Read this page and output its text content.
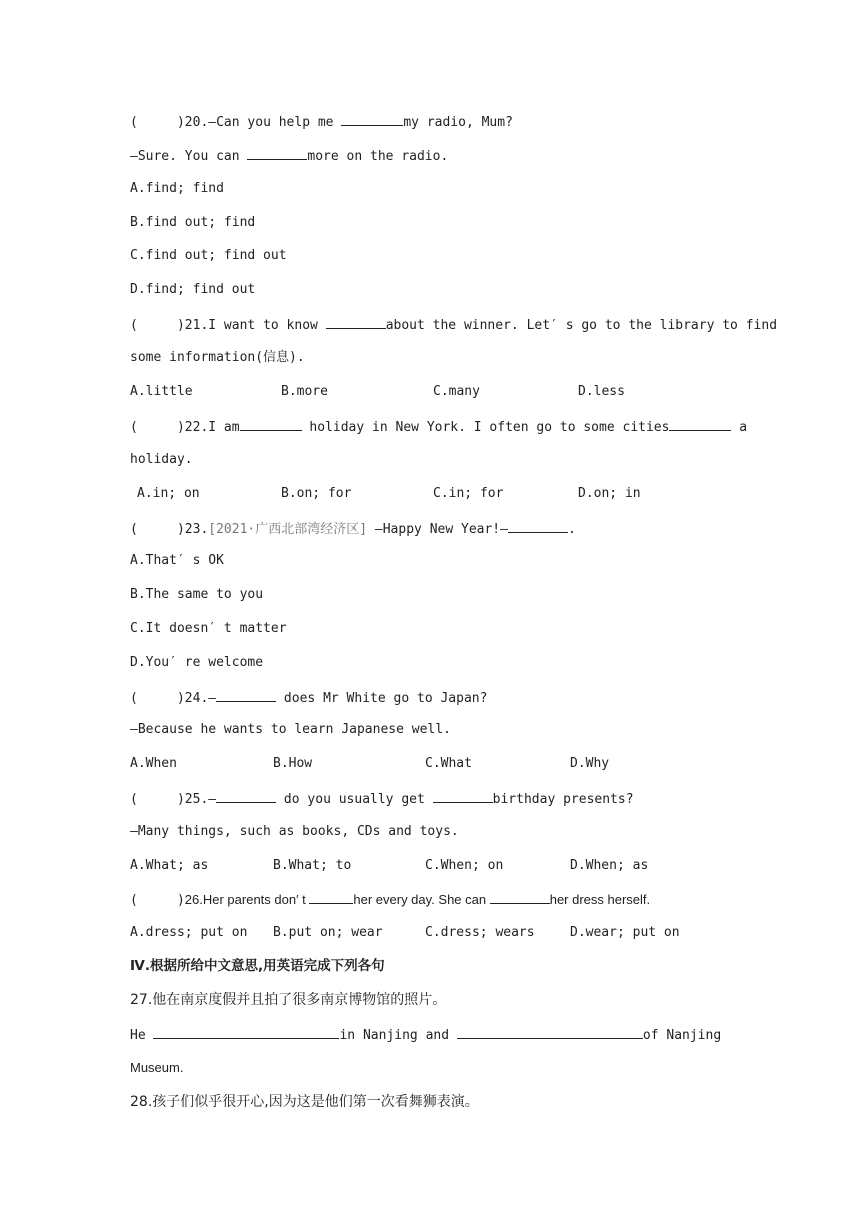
(     )20.—Can you help me	my radio, Mum?
—Sure. You can	more on the radio.
A.find; find
B.find out; find
C.find out; find out
D.find; find out
(     )21.I want to know	about the winner. Let′ s go to the library to find
some information(信息).
A.little	B.more	C.many	D.less
(     )22.I am	holiday in New York. I often go to some cities	a
holiday.
A.in; on	B.on; for	C.in; for	D.on; in
(     )23.[2021·广西北部湾经济区] —Happy New Year!—	.
A.That′ s OK
B.The same to you
C.It doesn′ t matter
D.You′ re welcome
(     )24.—	does Mr White go to Japan?
—Because he wants to learn Japanese well.
A.When	B.How	C.What	D.Why
(     )25.—	do you usually get	birthday presents?
—Many things, such as books, CDs and toys.
A.What; as	B.What; to	C.When; on	D.When; as
(     )26.Her parents don′ t	her every day. She can	her dress herself.
A.dress; put on B.put on; wear	C.dress; wears	D.wear; put on
Ⅳ.根据所给中文意思,用英语完成下列各句
27.他在南京度假并且拍了很多南京博物馆的照片。
He	in Nanjing and	of Nanjing
Museum.
28.孩子们似乎很开心,因为这是他们第一次看舞狮表演。
